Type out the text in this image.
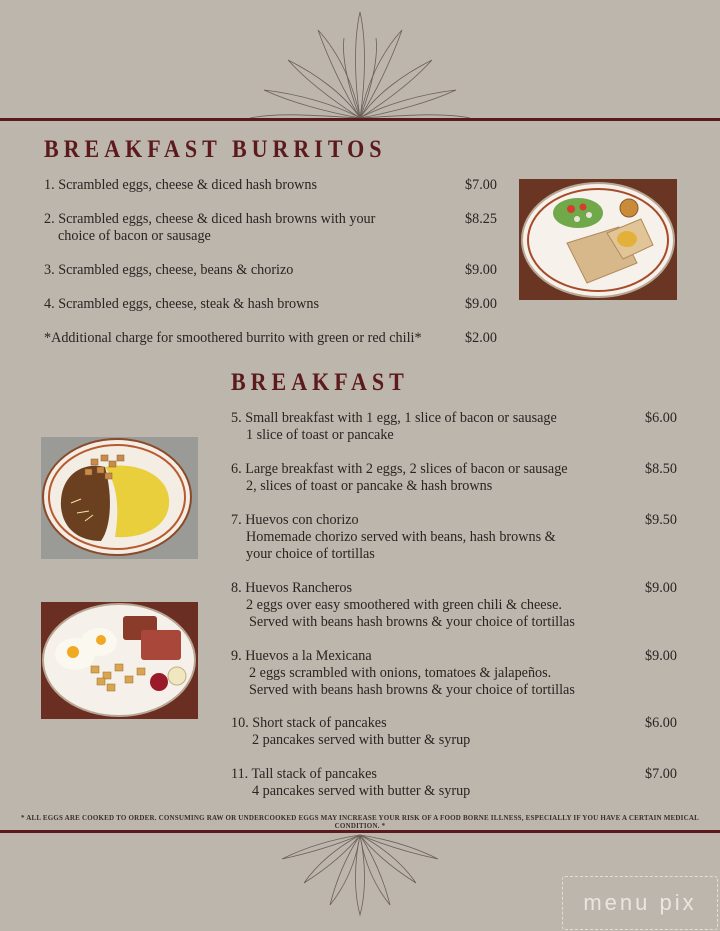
BREAKFAST BURRITOS
1. Scrambled eggs, cheese & diced hash browns	$7.00
2. Scrambled eggs, cheese & diced hash browns with your
choice of bacon or sausage
$8.25
3. Scrambled eggs, cheese, beans & chorizo	$9.00
4. Scrambled eggs, cheese, steak & hash browns	$9.00
*Additional charge for smoothered burrito with green or red chili*	$2.00
BREAKFAST
5. Small breakfast with 1 egg, 1 slice of bacon or sausage
1 slice of toast or pancake
$6.00
6. Large breakfast with 2 eggs, 2 slices of bacon or sausage
2, slices of toast or pancake & hash browns
$8.50
7. Huevos con chorizo
Homemade chorizo served with beans, hash browns &
your choice of tortillas
$9.50
8. Huevos Rancheros
2 eggs over easy smoothered with green chili & cheese.
Served with beans hash browns & your choice of tortillas
$9.00
9. Huevos a la Mexicana
2 eggs scrambled with onions, tomatoes & jalapeños.
Served with beans hash browns & your choice of tortillas
$9.00
10. Short stack of pancakes
2 pancakes served with butter & syrup
$6.00
11. Tall stack of pancakes
4 pancakes served with butter & syrup
$7.00
* ALL EGGS ARE COOKED TO ORDER. CONSUMING RAW OR UNDERCOOKED EGGS MAY INCREASE YOUR RISK OF A FOOD BORNE ILLNESS, ESPECIALLY IF YOU HAVE A CERTAIN MEDICAL CONDITION. *
menu pix
